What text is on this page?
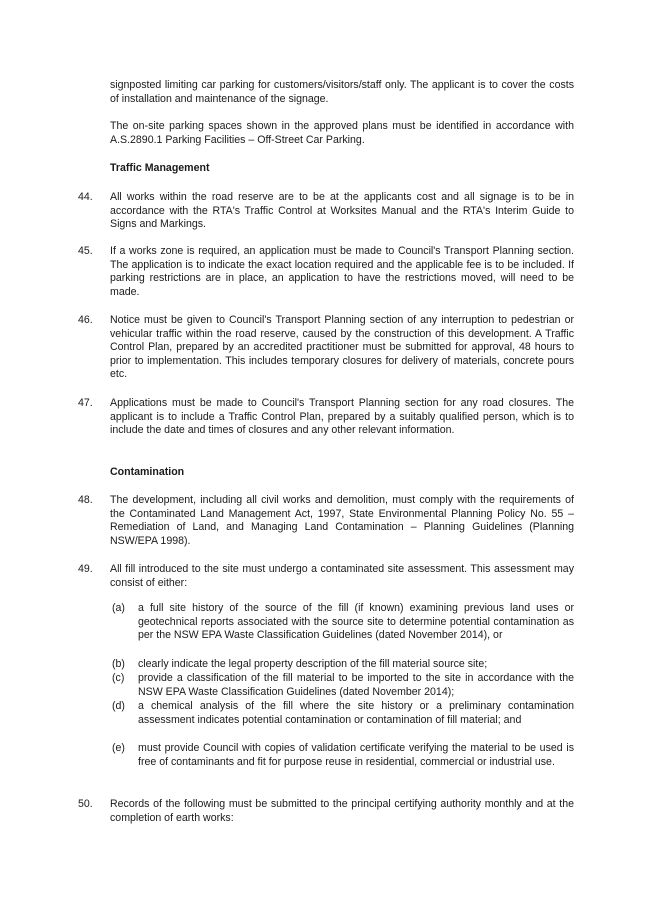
signposted limiting car parking for customers/visitors/staff only. The applicant is to cover the costs of installation and maintenance of the signage.

The on-site parking spaces shown in the approved plans must be identified in accordance with A.S.2890.1 Parking Facilities – Off-Street Car Parking.

Traffic Management

44. All works within the road reserve are to be at the applicants cost and all signage is to be in accordance with the RTA's Traffic Control at Worksites Manual and the RTA's Interim Guide to Signs and Markings.

45. If a works zone is required, an application must be made to Council's Transport Planning section. The application is to indicate the exact location required and the applicable fee is to be included. If parking restrictions are in place, an application to have the restrictions moved, will need to be made.

46. Notice must be given to Council's Transport Planning section of any interruption to pedestrian or vehicular traffic within the road reserve, caused by the construction of this development. A Traffic Control Plan, prepared by an accredited practitioner must be submitted for approval, 48 hours to prior to implementation. This includes temporary closures for delivery of materials, concrete pours etc.

47. Applications must be made to Council's Transport Planning section for any road closures. The applicant is to include a Traffic Control Plan, prepared by a suitably qualified person, which is to include the date and times of closures and any other relevant information.

Contamination

48. The development, including all civil works and demolition, must comply with the requirements of the Contaminated Land Management Act, 1997, State Environmental Planning Policy No. 55 – Remediation of Land, and Managing Land Contamination – Planning Guidelines (Planning NSW/EPA 1998).

49. All fill introduced to the site must undergo a contaminated site assessment. This assessment may consist of either:

(a) a full site history of the source of the fill (if known) examining previous land uses or geotechnical reports associated with the source site to determine potential contamination as per the NSW EPA Waste Classification Guidelines (dated November 2014), or

(b) clearly indicate the legal property description of the fill material source site;

(c) provide a classification of the fill material to be imported to the site in accordance with the NSW EPA Waste Classification Guidelines (dated November 2014);

(d) a chemical analysis of the fill where the site history or a preliminary contamination assessment indicates potential contamination or contamination of fill material; and

(e) must provide Council with copies of validation certificate verifying the material to be used is free of contaminants and fit for purpose reuse in residential, commercial or industrial use.

50. Records of the following must be submitted to the principal certifying authority monthly and at the completion of earth works:
